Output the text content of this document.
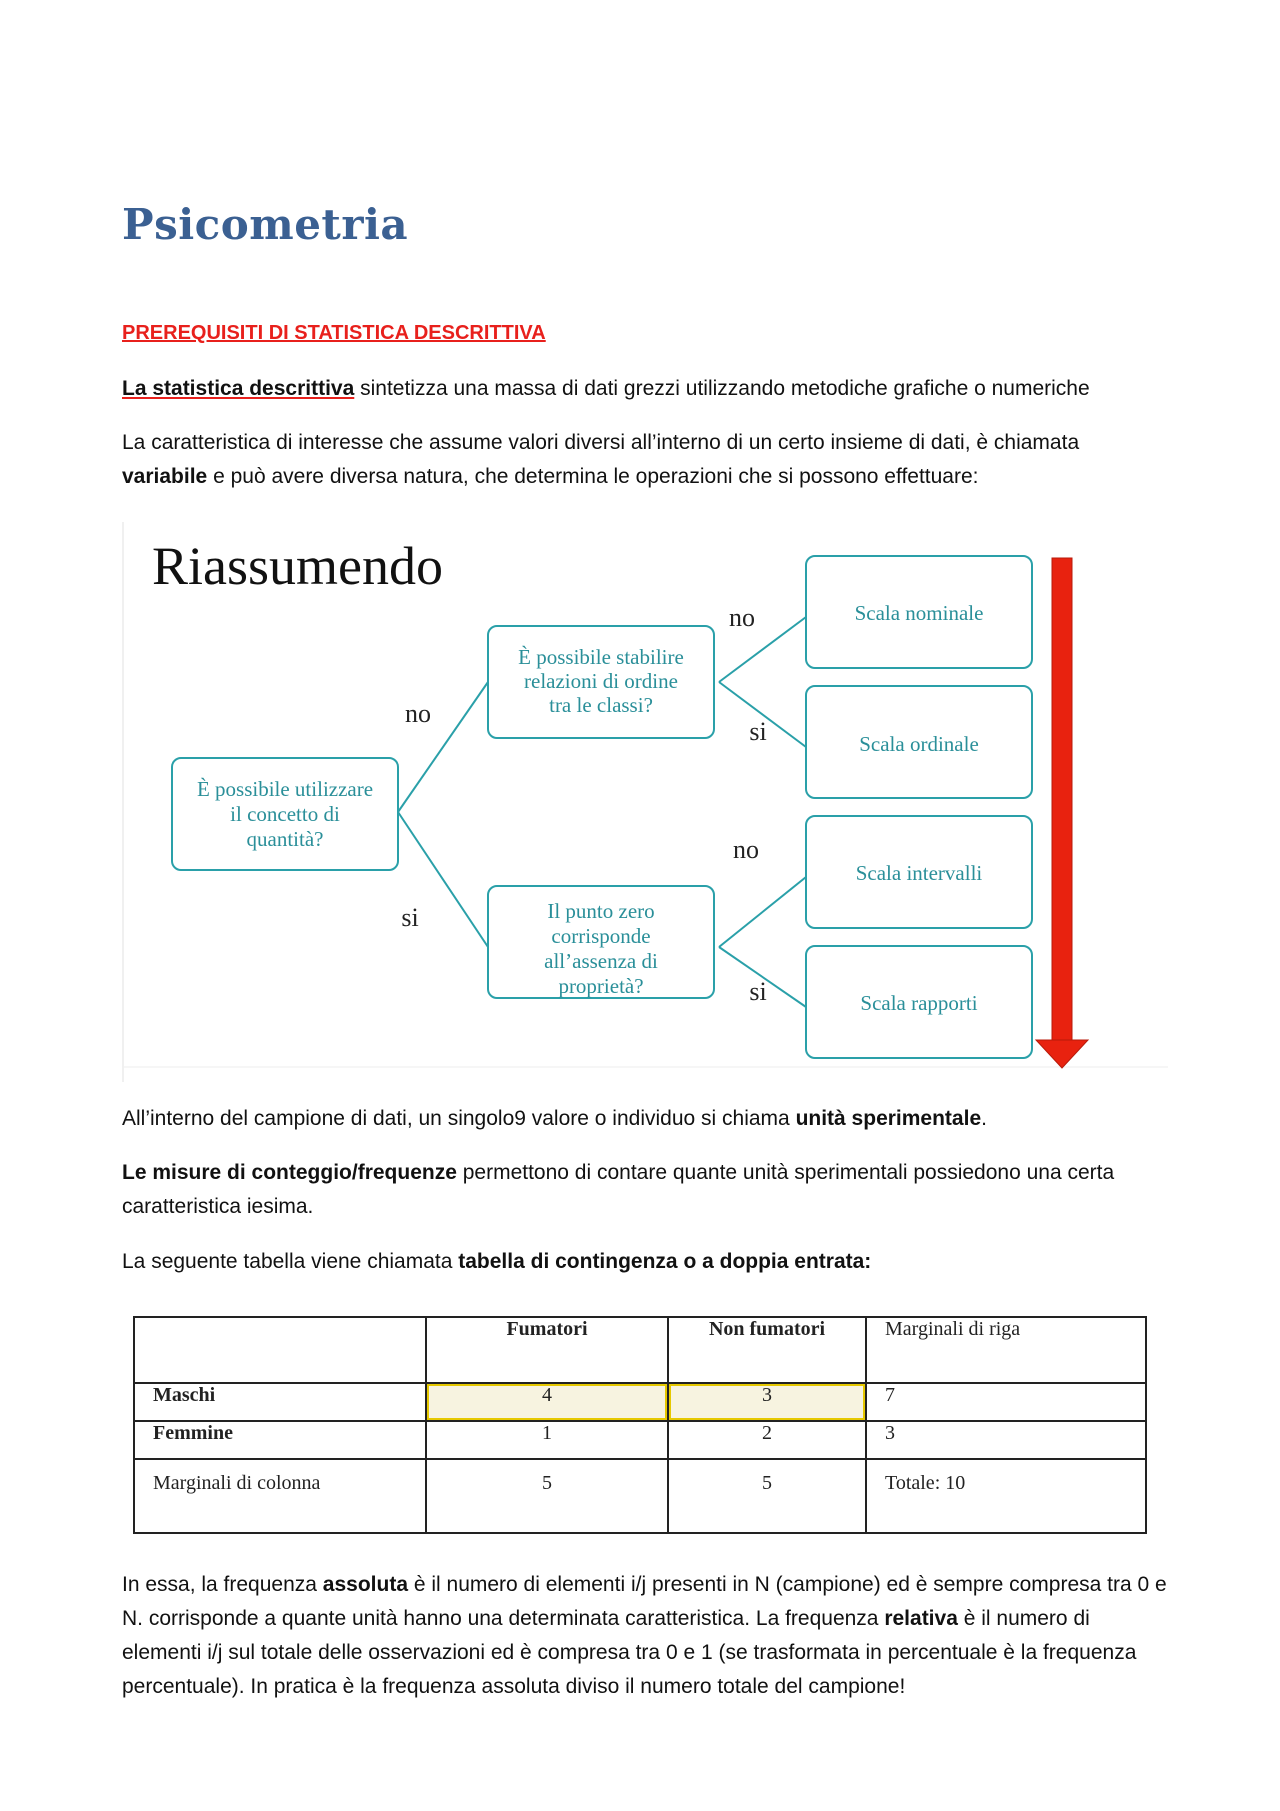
Psicometria

PREREQUISITI DI STATISTICA DESCRITTIVA

La statistica descrittiva sintetizza una massa di dati grezzi utilizzando metodiche grafiche o numeriche

La caratteristica di interesse che assume valori diversi all’interno di un certo insieme di dati, è chiamata variabile e può avere diversa natura, che determina le operazioni che si possono effettuare:

Riassumendo
È possibile utilizzare
il concetto di
quantità?
È possibile stabilire
relazioni di ordine
tra le classi?
Il punto zero
corrisponde
all’assenza di
proprietà?
Scala nominale
Scala ordinale
Scala intervalli
Scala rapporti
no
si
no
si
no
si

All’interno del campione di dati, un singolo9 valore o individuo si chiama unità sperimentale.

Le misure di conteggio/frequenze permettono di contare quante unità sperimentali possiedono una certa caratteristica iesima.

La seguente tabella viene chiamata tabella di contingenza o a doppia entrata:

	Fumatori	Non fumatori	Marginali di riga
Maschi	4	3	7
Femmine	1	2	3
Marginali di colonna	5	5	Totale: 10

In essa, la frequenza assoluta è il numero di elementi i/j presenti in N (campione) ed è sempre compresa tra 0 e N. corrisponde a quante unità hanno una determinata caratteristica. La frequenza relativa è il numero di elementi i/j sul totale delle osservazioni ed è compresa tra 0 e 1 (se trasformata in percentuale è la frequenza percentuale). In pratica è la frequenza assoluta diviso il numero totale del campione!
